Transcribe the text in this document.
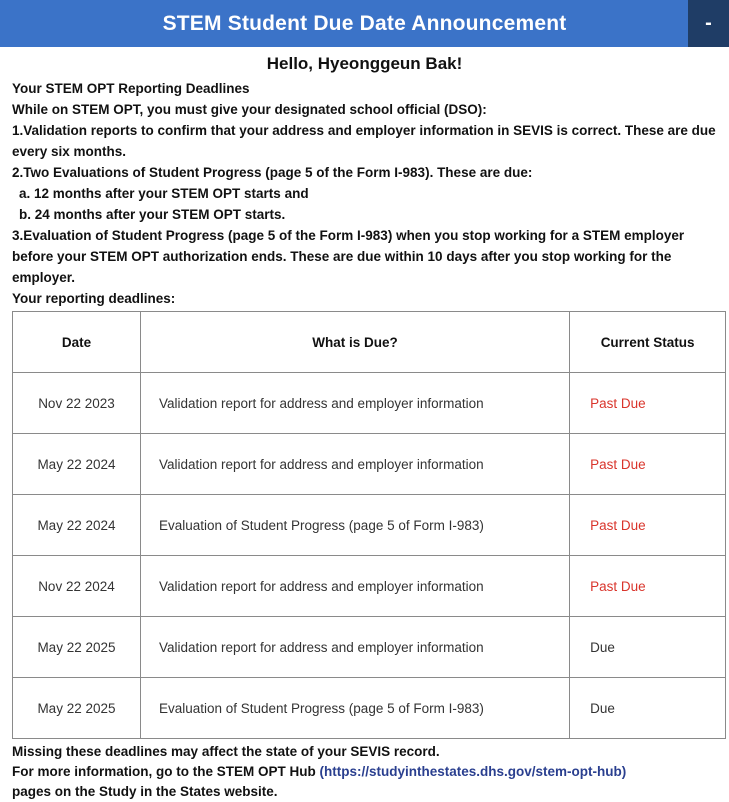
STEM Student Due Date Announcement	-
Hello, Hyeonggeun Bak!

Your STEM OPT Reporting Deadlines

While on STEM OPT, you must give your designated school official (DSO):

1.Validation reports to confirm that your address and employer information in SEVIS is correct. These are due every six months.

2.Two Evaluations of Student Progress (page 5 of the Form I-983). These are due:

a. 12 months after your STEM OPT starts and

b. 24 months after your STEM OPT starts.

3.Evaluation of Student Progress (page 5 of the Form I-983) when you stop working for a STEM employer before your STEM OPT authorization ends. These are due within 10 days after you stop working for the employer.

Your reporting deadlines:

Date	What is Due?	Current Status
Nov 22 2023	Validation report for address and employer information	Past Due
May 22 2024	Validation report for address and employer information	Past Due
May 22 2024	Evaluation of Student Progress (page 5 of Form I-983)	Past Due
Nov 22 2024	Validation report for address and employer information	Past Due
May 22 2025	Validation report for address and employer information	Due
May 22 2025	Evaluation of Student Progress (page 5 of Form I-983)	Due

Missing these deadlines may affect the state of your SEVIS record.

For more information, go to the STEM OPT Hub (https://studyinthestates.dhs.gov/stem-opt-hub)

pages on the Study in the States website.
